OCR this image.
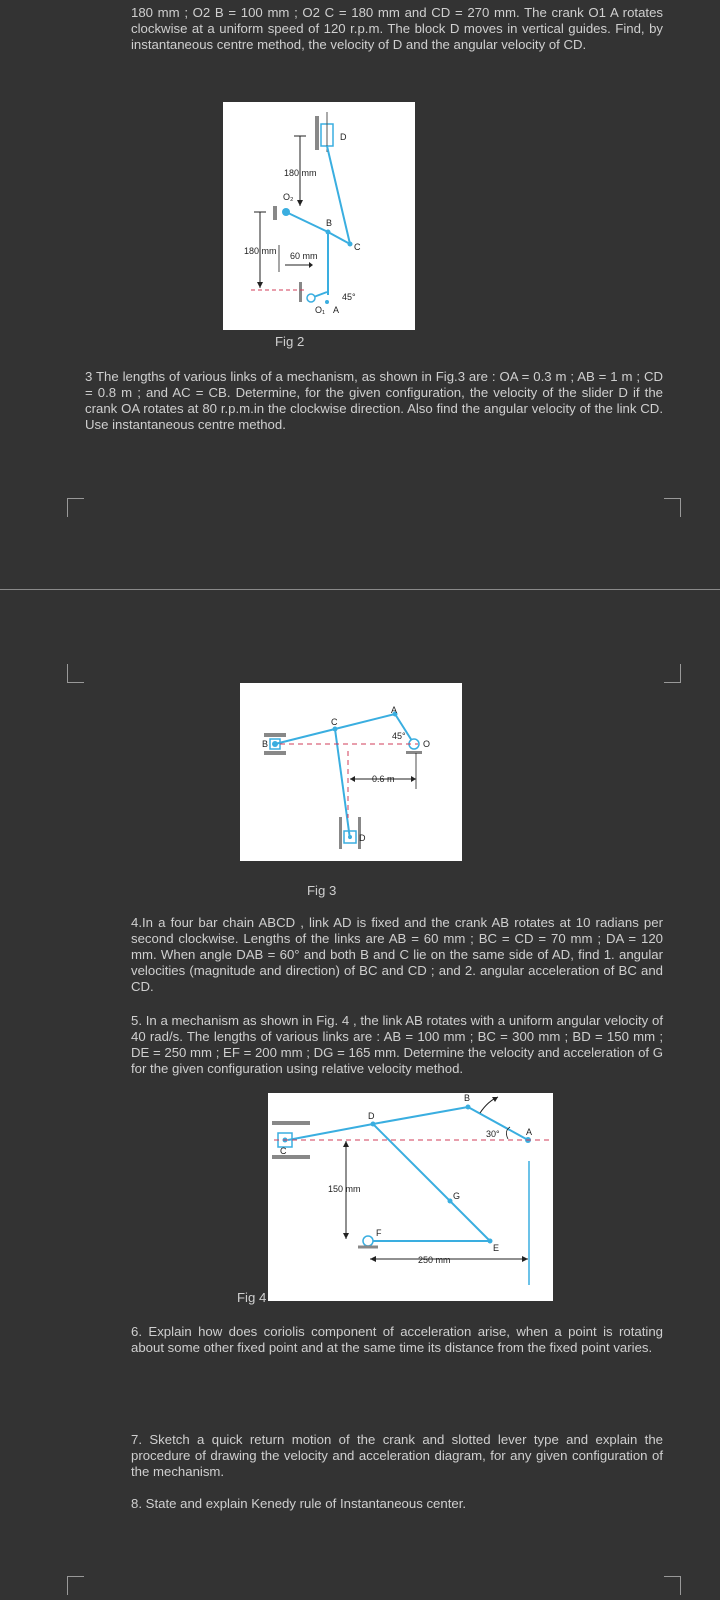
180 mm ; O2 B = 100 mm ; O2 C = 180 mm and CD = 270 mm. The crank O1 A rotates clockwise at a uniform speed of 120 r.p.m. The block D moves in vertical guides. Find, by instantaneous centre method, the velocity of D and the angular velocity of CD.

D
B
C
A
O₂
O₁
180 mm
180 mm 60 mm
45°
Fig 2

3 The lengths of various links of a mechanism, as shown in Fig.3 are : OA = 0.3 m ; AB = 1 m ; CD = 0.8 m ; and AC = CB. Determine, for the given configuration, the velocity of the slider D if the crank OA rotates at 80 r.p.m.in the clockwise direction. Also find the angular velocity of the link CD. Use instantaneous centre method.

A
B
C
O
D
45°
0.6 m
Fig 3

4.In a four bar chain ABCD , link AD is fixed and the crank AB rotates at 10 radians per second clockwise. Lengths of the links are AB = 60 mm ; BC = CD = 70 mm ; DA = 120 mm. When angle DAB = 60° and both B and C lie on the same side of AD, find 1. angular velocities (magnitude and direction) of BC and CD ; and 2. angular acceleration of BC and CD.

5. In a mechanism as shown in Fig. 4 , the link AB rotates with a uniform angular velocity of 40 rad/s. The lengths of various links are : AB = 100 mm ; BC = 300 mm ; BD = 150 mm ; DE = 250 mm ; EF = 200 mm ; DG = 165 mm. Determine the velocity and acceleration of G for the given configuration using relative velocity method.

B
D
A
C
G
E
F
30°
150 mm
250 mm
Fig 4

6. Explain how does coriolis component of acceleration arise, when a point is rotating about some other fixed point and at the same time its distance from the fixed point varies.

7. Sketch a quick return motion of the crank and slotted lever type and explain the procedure of drawing the velocity and acceleration diagram, for any given configuration of the mechanism.

8. State and explain Kenedy rule of Instantaneous center.
